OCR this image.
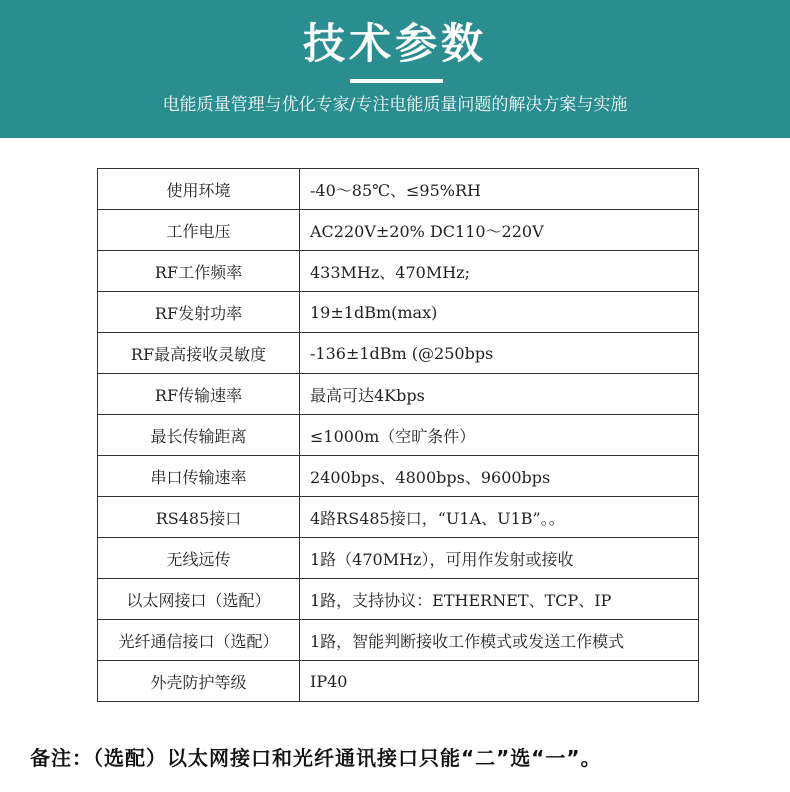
技术参数
电能质量管理与优化专家/专注电能质量问题的解决方案与实施
使用环境	-40～85℃、≤95%RH
工作电压	AC220V±20% DC110～220V
RF工作频率	433MHz、470MHz;
RF发射功率	19±1dBm(max)
RF最高接收灵敏度	-136±1dBm (@250bps
RF传输速率	最高可达4Kbps
最长传输距离	≤1000m（空旷条件）
串口传输速率	2400bps、4800bps、9600bps
RS485接口	4路RS485接口，“U1A、U1B”。。
无线远传	1路（470MHz），可用作发射或接收
以太网接口（选配）	1路，支持协议：ETHERNET、TCP、IP
光纤通信接口（选配）	1路，智能判断接收工作模式或发送工作模式
外壳防护等级	IP40
备注：（选配）以太网接口和光纤通讯接口只能“二”选“一”。
